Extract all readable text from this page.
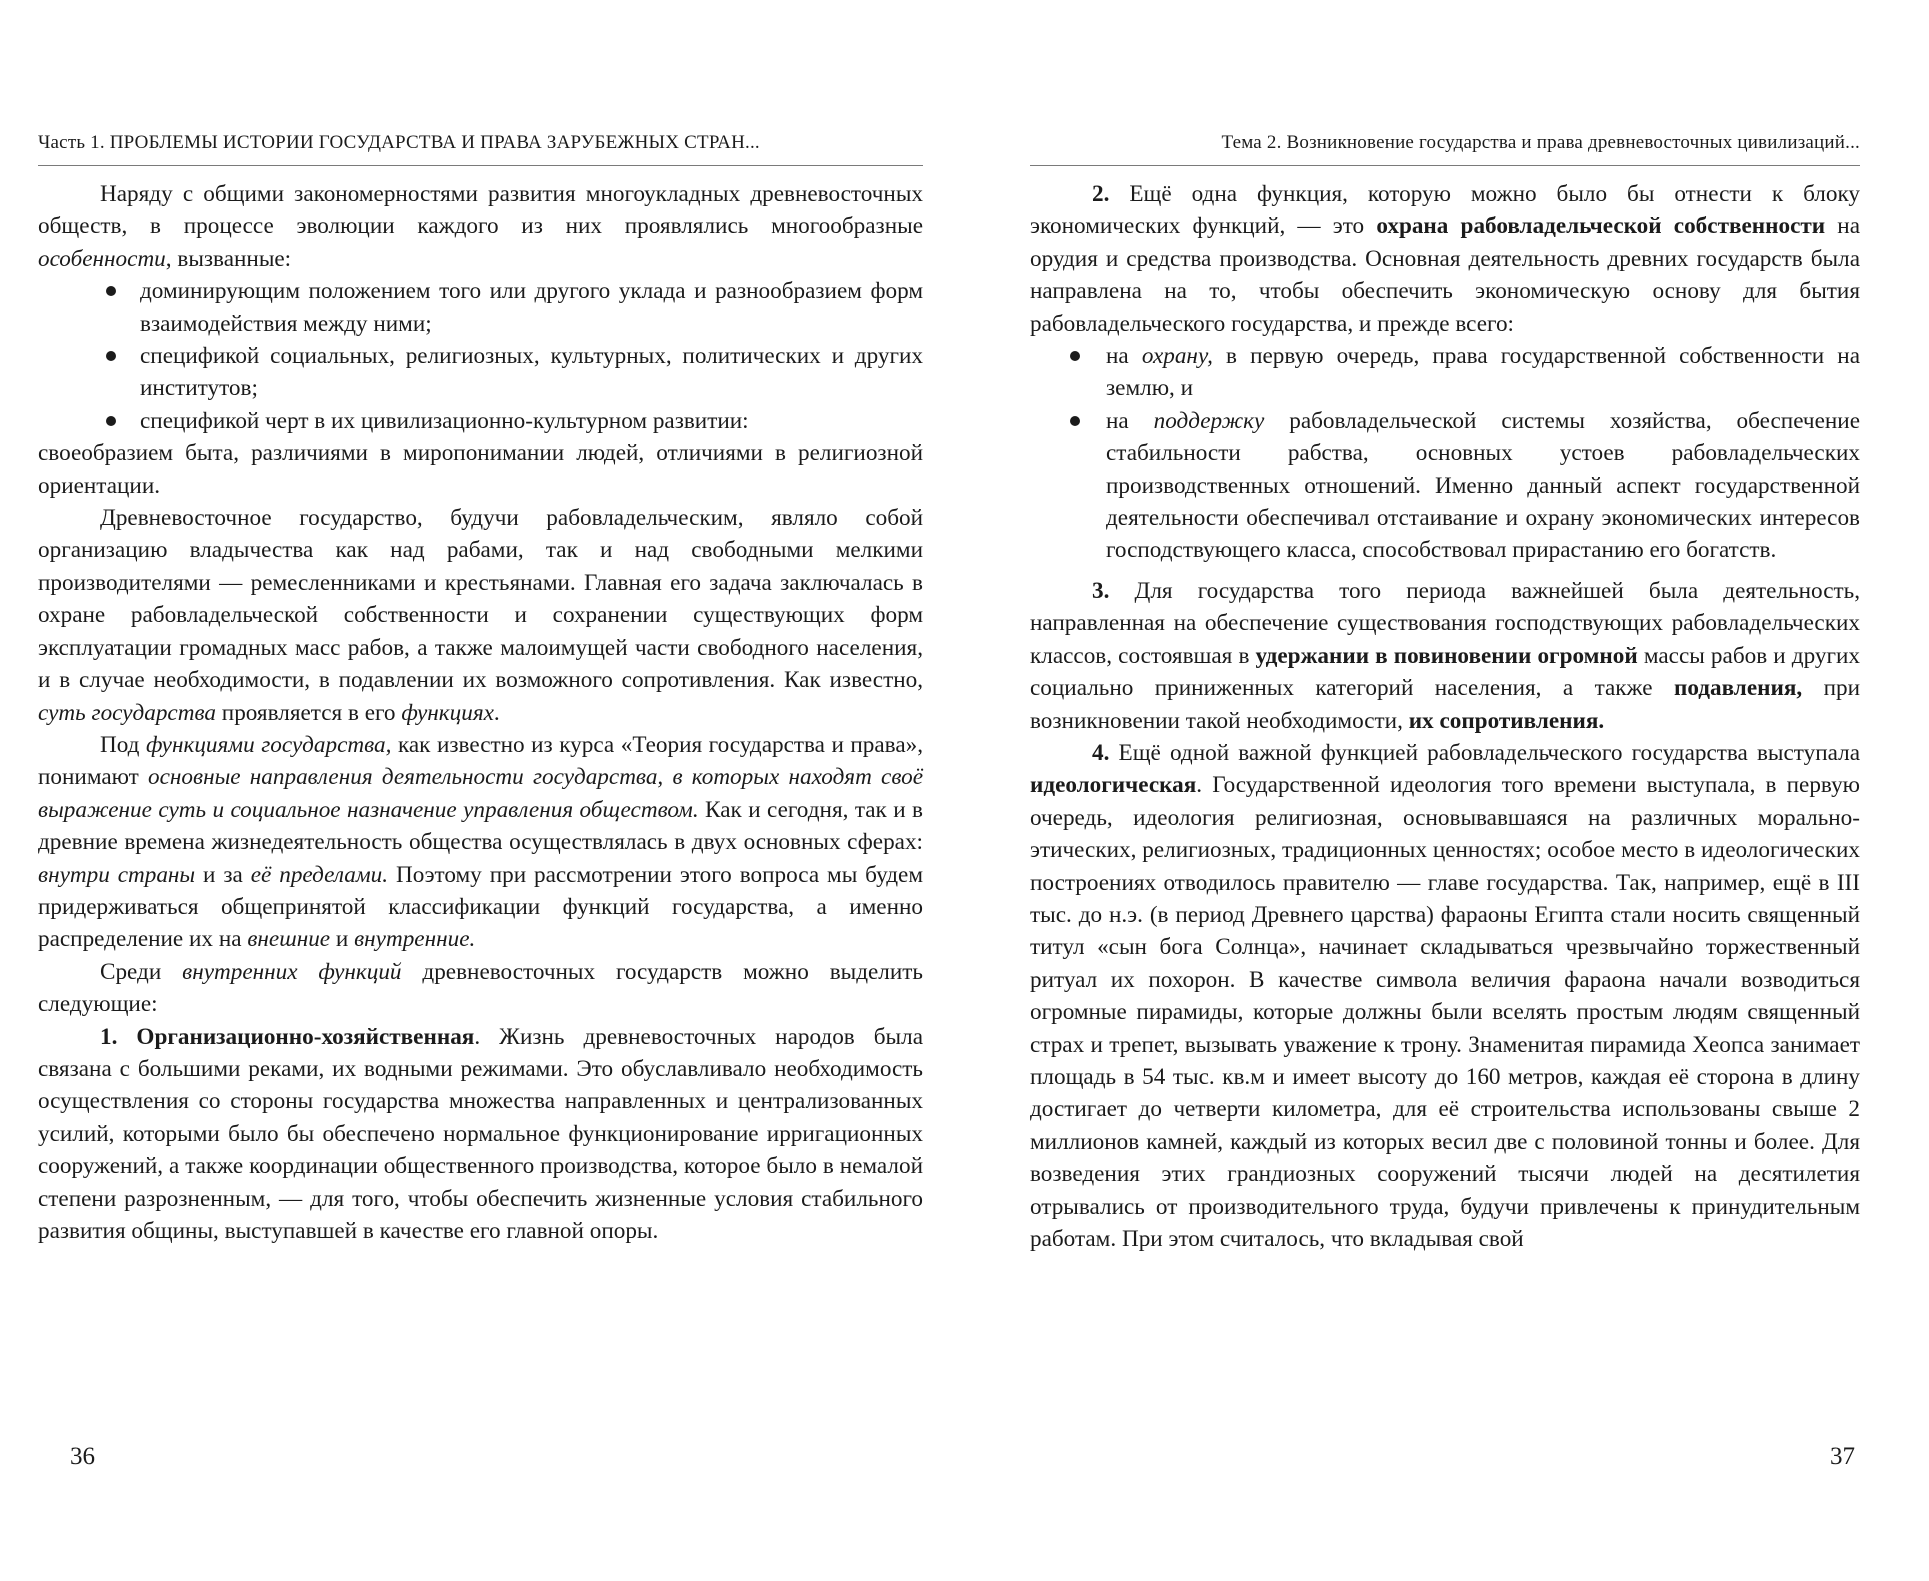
Часть 1. ПРОБЛЕМЫ ИСТОРИИ ГОСУДАРСТВА И ПРАВА ЗАРУБЕЖНЫХ СТРАН...

Наряду с общими закономерностями развития многоукладных древневосточных обществ, в процессе эволюции каждого из них проявлялись многообразные особенности, вызванные:

доминирующим положением того или другого уклада и разнообразием форм взаимодействия между ними;
спецификой социальных, религиозных, культурных, политических и других институтов;
спецификой черт в их цивилизационно-культурном развитии:

своеобразием быта, различиями в миропонимании людей, отличиями в религиозной ориентации.

Древневосточное государство, будучи рабовладельческим, являло собой организацию владычества как над рабами, так и над свободными мелкими производителями — ремесленниками и крестьянами. Главная его задача заключалась в охране рабовладельческой собственности и сохранении существующих форм эксплуатации громадных масс рабов, а также малоимущей части свободного населения, и в случае необходимости, в подавлении их возможного сопротивления. Как известно, суть государства проявляется в его функциях.

Под функциями государства, как известно из курса «Теория государства и права», понимают основные направления деятельности государства, в которых находят своё выражение суть и социальное назначение управления обществом. Как и сегодня, так и в древние времена жизнедеятельность общества осуществлялась в двух основных сферах: внутри страны и за её пределами. Поэтому при рассмотрении этого вопроса мы будем придерживаться общепринятой классификации функций государства, а именно распределение их на внешние и внутренние.

Среди внутренних функций древневосточных государств можно выделить следующие:

1. Организационно-хозяйственная. Жизнь древневосточных народов была связана с большими реками, их водными режимами. Это обуславливало необходимость осуществления со стороны государства множества направленных и централизованных усилий, которыми было бы обеспечено нормальное функционирование ирригационных сооружений, а также координации общественного производства, которое было в немалой степени разрозненным, — для того, чтобы обеспечить жизненные условия стабильного развития общины, выступавшей в качестве его главной опоры.

36
Тема 2. Возникновение государства и права древневосточных цивилизаций...

2. Ещё одна функция, которую можно было бы отнести к блоку экономических функций, — это охрана рабовладельческой собственности на орудия и средства производства. Основная деятельность древних государств была направлена на то, чтобы обеспечить экономическую основу для бытия рабовладельческого государства, и прежде всего:

на охрану, в первую очередь, права государственной собственности на землю, и
на поддержку рабовладельческой системы хозяйства, обеспечение стабильности рабства, основных устоев рабовладельческих производственных отношений. Именно данный аспект государственной деятельности обеспечивал отстаивание и охрану экономических интересов господствующего класса, способствовал прирастанию его богатств.

3. Для государства того периода важнейшей была деятельность, направленная на обеспечение существования господствующих рабовладельческих классов, состоявшая в удержании в повиновении огромной массы рабов и других социально приниженных категорий населения, а также подавления, при возникновении такой необходимости, их сопротивления.

4. Ещё одной важной функцией рабовладельческого государства выступала идеологическая. Государственной идеология того времени выступала, в первую очередь, идеология религиозная, основывавшаяся на различных морально-этических, религиозных, традиционных ценностях; особое место в идеологических построениях отводилось правителю — главе государства. Так, например, ещё в III тыс. до н.э. (в период Древнего царства) фараоны Египта стали носить священный титул «сын бога Солнца», начинает складываться чрезвычайно торжественный ритуал их похорон. В качестве символа величия фараона начали возводиться огромные пирамиды, которые должны были вселять простым людям священный страх и трепет, вызывать уважение к трону. Знаменитая пирамида Хеопса занимает площадь в 54 тыс. кв.м и имеет высоту до 160 метров, каждая её сторона в длину достигает до четверти километра, для её строительства использованы свыше 2 миллионов камней, каждый из которых весил две с половиной тонны и более. Для возведения этих грандиозных сооружений тысячи людей на десятилетия отрывались от производительного труда, будучи привлечены к принудительным работам. При этом считалось, что вкладывая свой

37
